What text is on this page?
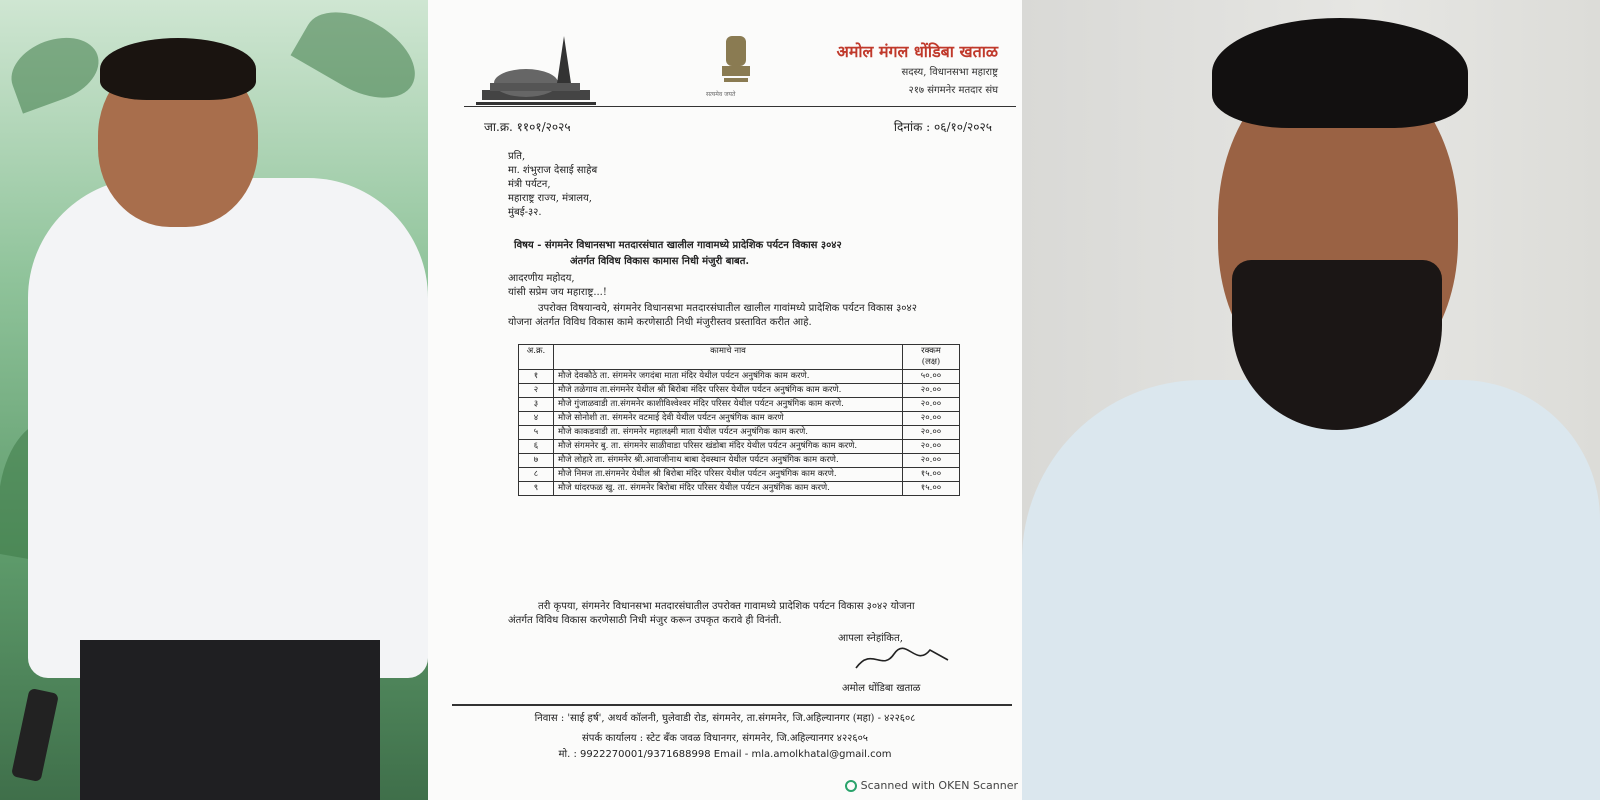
सत्यमेव जयते
अमोल मंगल धोंडिबा खताळ
सदस्य, विधानसभा महाराष्ट्र
२१७ संगमनेर मतदार संघ
जा.क्र. ११०१/२०२५	दिनांक : ०६/१०/२०२५
प्रति,
मा. शंभुराज देसाई साहेब
मंत्री पर्यटन,
महाराष्ट्र राज्य, मंत्रालय,
मुंबई-३२.
विषय - संगमनेर विधानसभा मतदारसंघात खालील गावामध्ये प्रादेशिक पर्यटन विकास ३०४२
अंतर्गत विविध विकास कामास निधी मंजुरी बाबत.
आदरणीय महोदय,
यांसी सप्रेम जय महाराष्ट्र...!
उपरोक्त विषयान्वये, संगमनेर विधानसभा मतदारसंघातील खालील गावांमध्ये प्रादेशिक पर्यटन विकास ३०४२
योजना अंतर्गत विविध विकास कामे करणेसाठी निधी मंजुरीस्तव प्रस्तावित करीत आहे.
अ.क्र.	कामाचे नाव	रक्कम
(लक्ष)
१	मौजे देवकौठे ता. संगमनेर जगदंबा माता मंदिर येथील पर्यटन अनुषंगिक काम करणे.	५०.००
२	मौजे तळेगाव ता.संगमनेर येथील श्री बिरोबा मंदिर परिसर येथील पर्यटन अनुषंगिक काम करणे.	२०.००
३	मौजे गुंजाळवाडी ता.संगमनेर काशीविश्वेश्वर मंदिर परिसर येथील पर्यटन अनुषंगिक काम करणे.	२०.००
४	मौजे सोनोशी ता. संगमनेर वटमाई देवी येथील पर्यटन अनुषंगिक काम करणे	२०.००
५	मौजे काकडवाडी ता. संगमनेर महालक्ष्मी माता येथील पर्यटन अनुषंगिक काम करणे.	२०.००
६	मौजे संगमनेर बु. ता. संगमनेर साळीवाडा परिसर खंडोबा मंदिर येथील पर्यटन अनुषंगिक काम करणे.	२०.००
७	मौजे लोहारे ता. संगमनेर श्री.आवाजीनाथ बाबा देवस्थान येथील पर्यटन अनुषंगिक काम करणे.	२०.००
८	मौजे निमज ता.संगमनेर येथील श्री बिरोबा मंदिर परिसर येथील पर्यटन अनुषंगिक काम करणे.	१५.००
९	मौजे धांदरफळ खु. ता. संगमनेर बिरोबा मंदिर परिसर येथील पर्यटन अनुषंगिक काम करणे.	१५.००
तरी कृपया, संगमनेर विधानसभा मतदारसंघातील उपरोक्त गावामध्ये प्रादेशिक पर्यटन विकास ३०४२ योजना
अंतर्गत विविध विकास करणेसाठी निधी मंजुर करून उपकृत करावे ही विनंती.
आपला स्नेहांकित,
अमोल धोंडिबा खताळ
निवास : 'साई हर्ष', अथर्व कॉलनी, घुलेवाडी रोड, संगमनेर, ता.संगमनेर, जि.अहिल्यानगर (महा) - ४२२६०८
संपर्क कार्यालय : स्टेट बँक जवळ विधानगर, संगमनेर, जि.अहिल्यानगर ४२२६०५
मो. : 9922270001/9371688998 Email - mla.amolkhatal@gmail.com
Scanned with OKEN Scanner
